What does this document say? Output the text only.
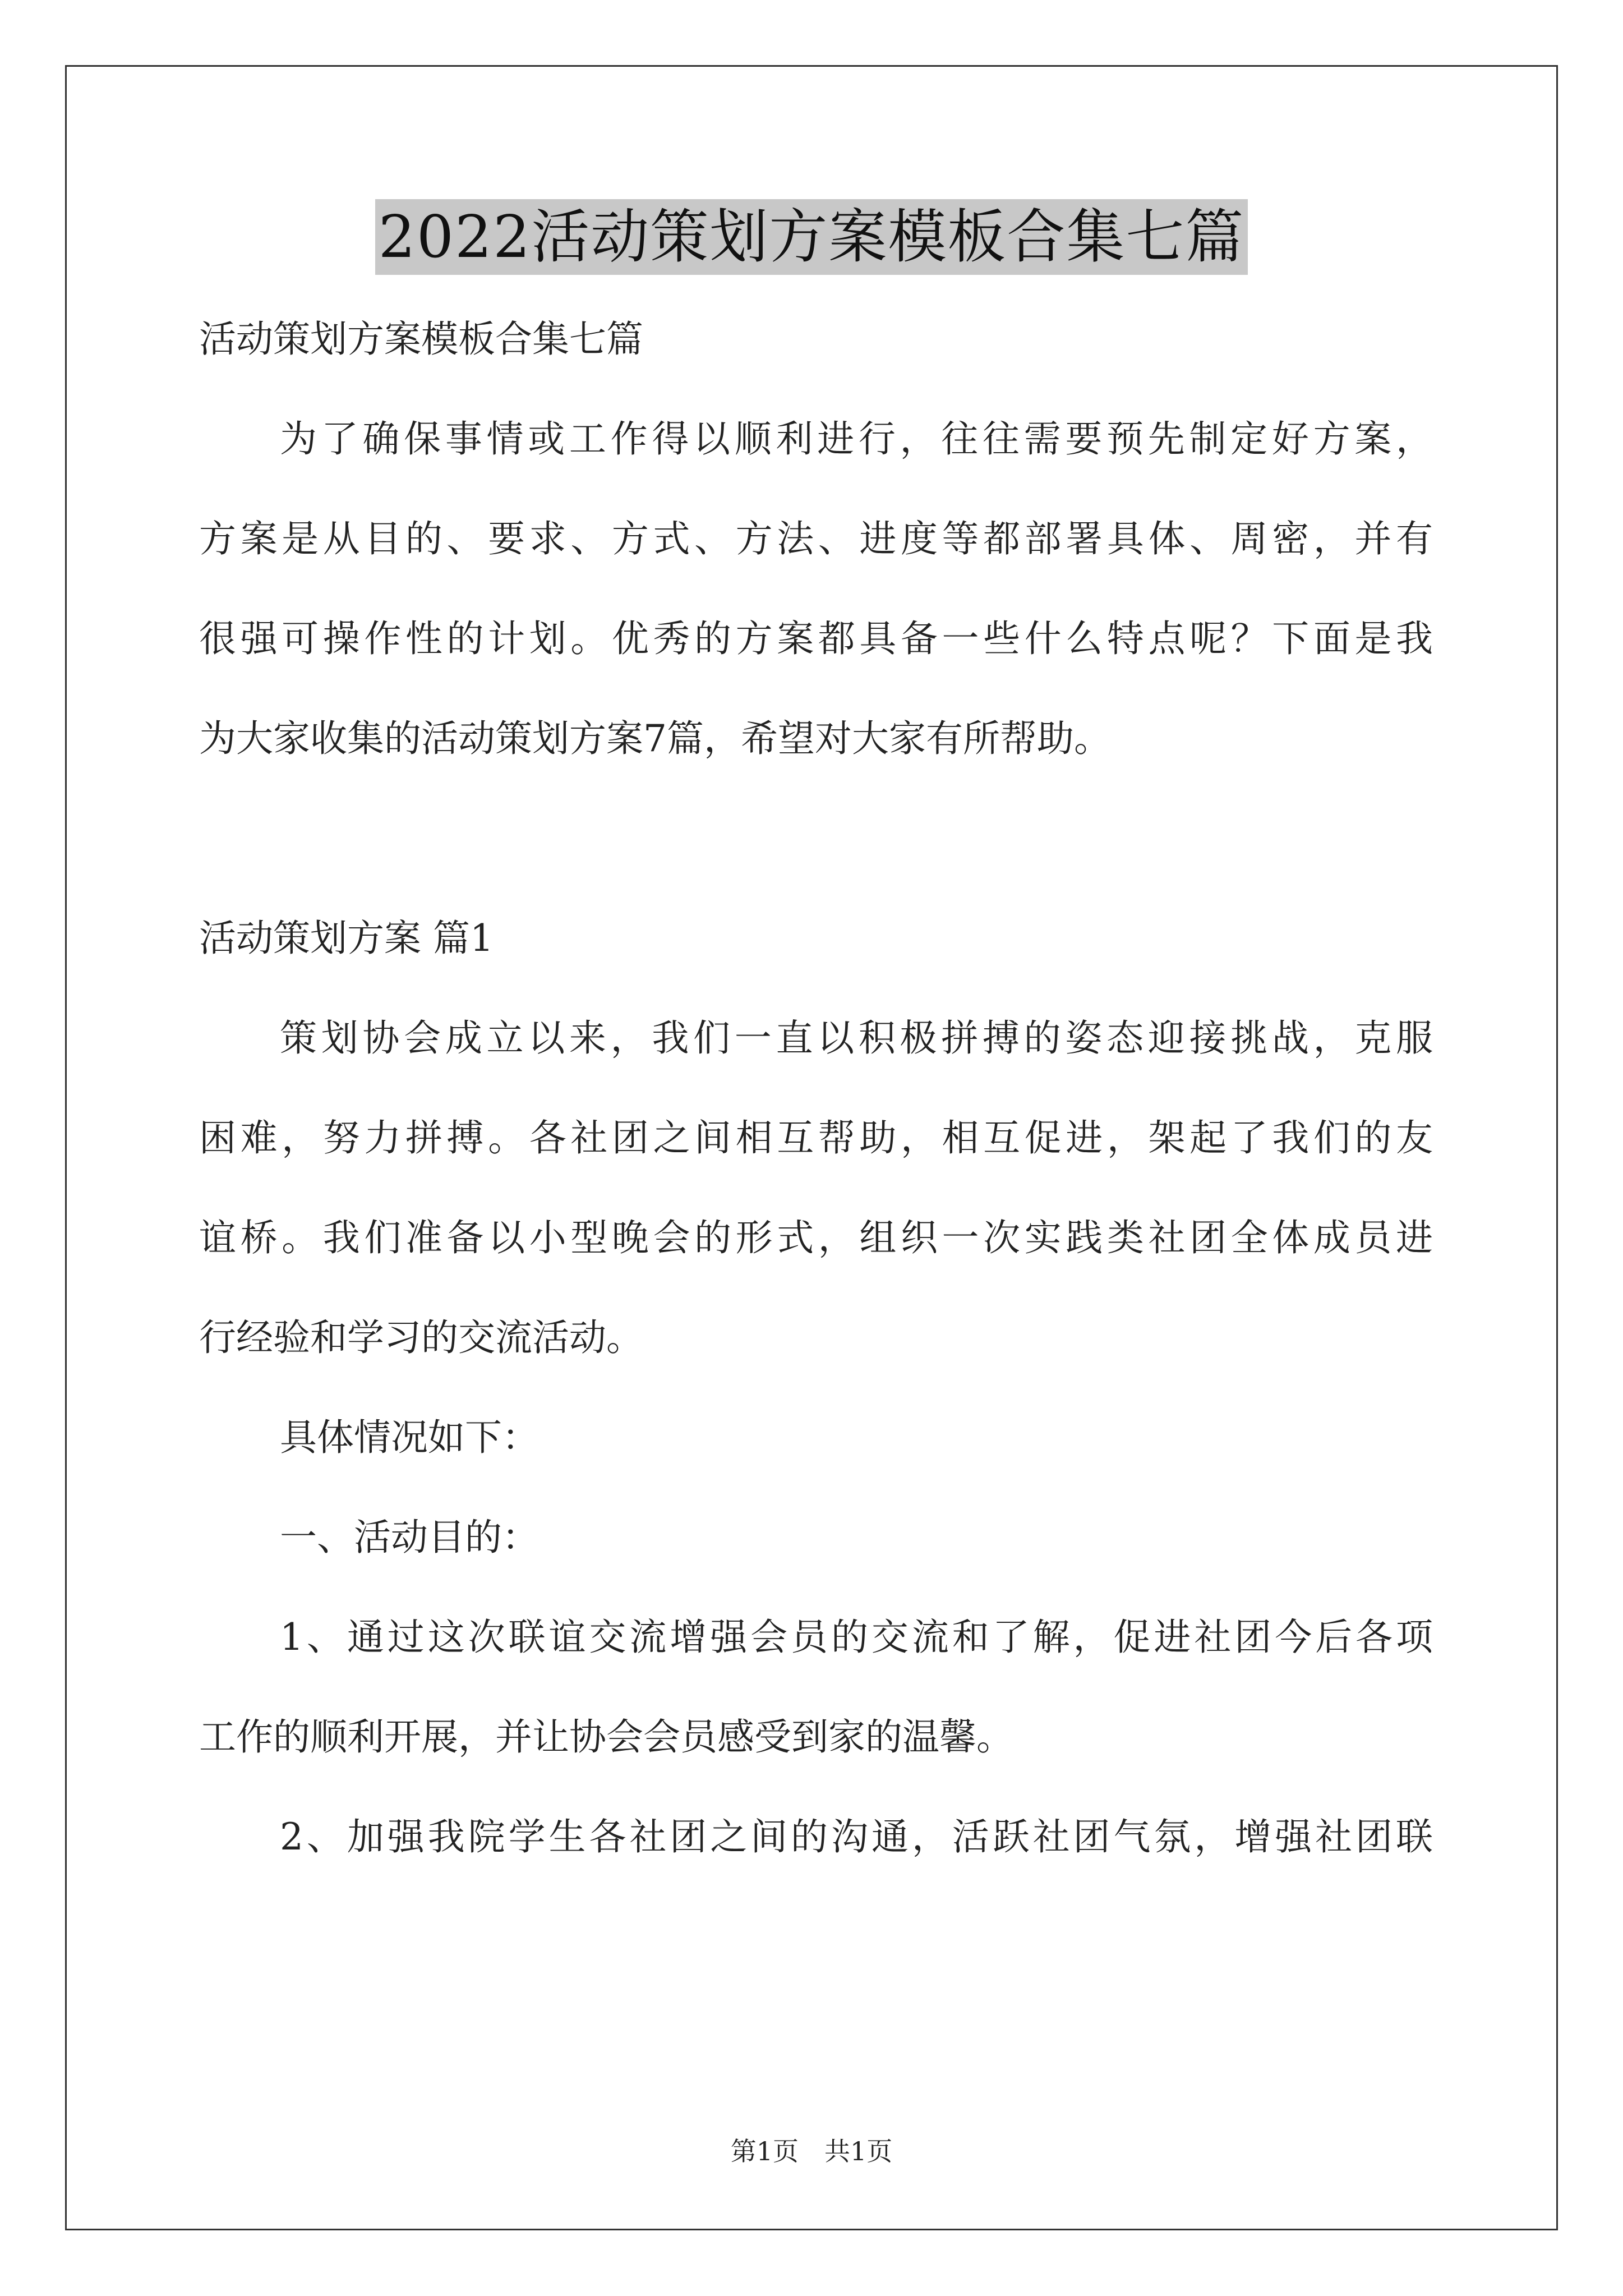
2022活动策划方案模板合集七篇
活动策划方案模板合集七篇
为了确保事情或工作得以顺利进行，往往需要预先制定好方案，
方案是从目的、要求、方式、方法、进度等都部署具体、周密，并有
很强可操作性的计划。优秀的方案都具备一些什么特点呢？下面是我
为大家收集的活动策划方案7篇，希望对大家有所帮助。
活动策划方案 篇1
策划协会成立以来，我们一直以积极拼搏的姿态迎接挑战，克服
困难，努力拼搏。各社团之间相互帮助，相互促进，架起了我们的友
谊桥。我们准备以小型晚会的形式，组织一次实践类社团全体成员进
行经验和学习的交流活动。
具体情况如下：
一、活动目的：
1、通过这次联谊交流增强会员的交流和了解，促进社团今后各项
工作的顺利开展，并让协会会员感受到家的温馨。
2、加强我院学生各社团之间的沟通，活跃社团气氛，增强社团联
第1页　共1页
